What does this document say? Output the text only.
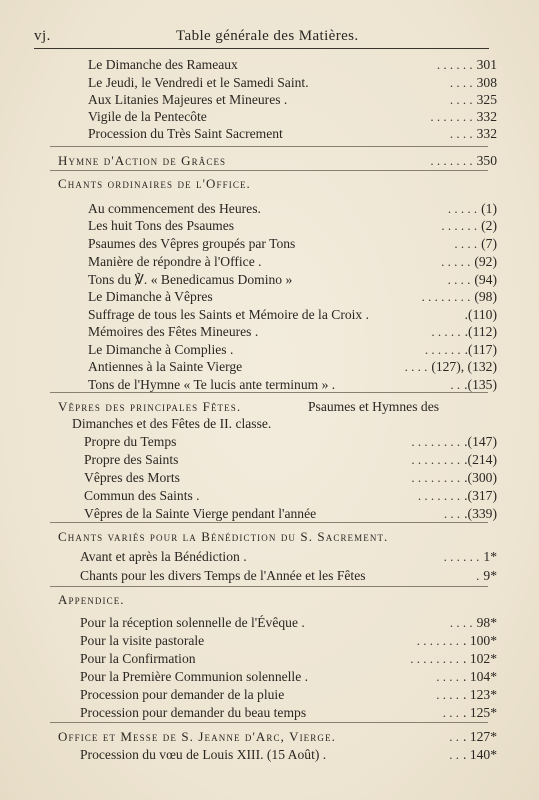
vj.	Table générale des Matières.
Le Dimanche des Rameaux	301
. . . . . .
Le Jeudi, le Vendredi et le Samedi Saint.	308
. . . .
Aux Litanies Majeures et Mineures .	325
. . . .
Vigile de la Pentecôte	332
. . . . . . .
Procession du Très Saint Sacrement	332
. . . .
Hymne d'Action de Grâces	350
. . . . . . .
Chants ordinaires de l'Office.
Au commencement des Heures.	(1)
. . . . .
Les huit Tons des Psaumes	(2)
. . . . . .
Psaumes des Vêpres groupés par Tons	(7)
. . . .
Manière de répondre à l'Office .	(92)
. . . . .
Tons du ℣. « Benedicamus Domino »	(94)
. . . .
Le Dimanche à Vêpres	(98)
. . . . . . . .
Suffrage de tous les Saints et Mémoire de la Croix .	.(110)
Mémoires des Fêtes Mineures .	.(112)
. . . . .
Le Dimanche à Complies .	.(117)
. . . . . .
Antiennes à la Sainte Vierge	(127), (132)
. . . .
Tons de l'Hymne « Te lucis ante terminum » .	.(135)
. .
Vêpres des principales Fêtes.	Psaumes et Hymnes des
Dimanches et des Fêtes de II. classe.
Propre du Temps	.(147)
. . . . . . . .
Propre des Saints	.(214)
. . . . . . . .
Vêpres des Morts	.(300)
. . . . . . . .
Commun des Saints .	.(317)
. . . . . . .
Vêpres de la Sainte Vierge pendant l'année	.(339)
. . .
Chants variés pour la Bénédiction du S. Sacrement.
Avant et après la Bénédiction .	1*
. . . . . .
Chants pour les divers Temps de l'Année et les Fêtes	9*
.
Appendice.
Pour la réception solennelle de l'Évêque .	98*
. . . .
Pour la visite pastorale	. 100*
. . . . . . .
Pour la Confirmation	. 102*
. . . . . . . .
Pour la Première Communion solennelle .	. 104*
. . . .
Procession pour demander de la pluie	. 123*
. . . .
Procession pour demander du beau temps	. 125*
. . .
Office et Messe de S. Jeanne d'Arc, Vierge.	. 127*
. .
Procession du vœu de Louis XIII. (15 Août) .	. 140*
. .
